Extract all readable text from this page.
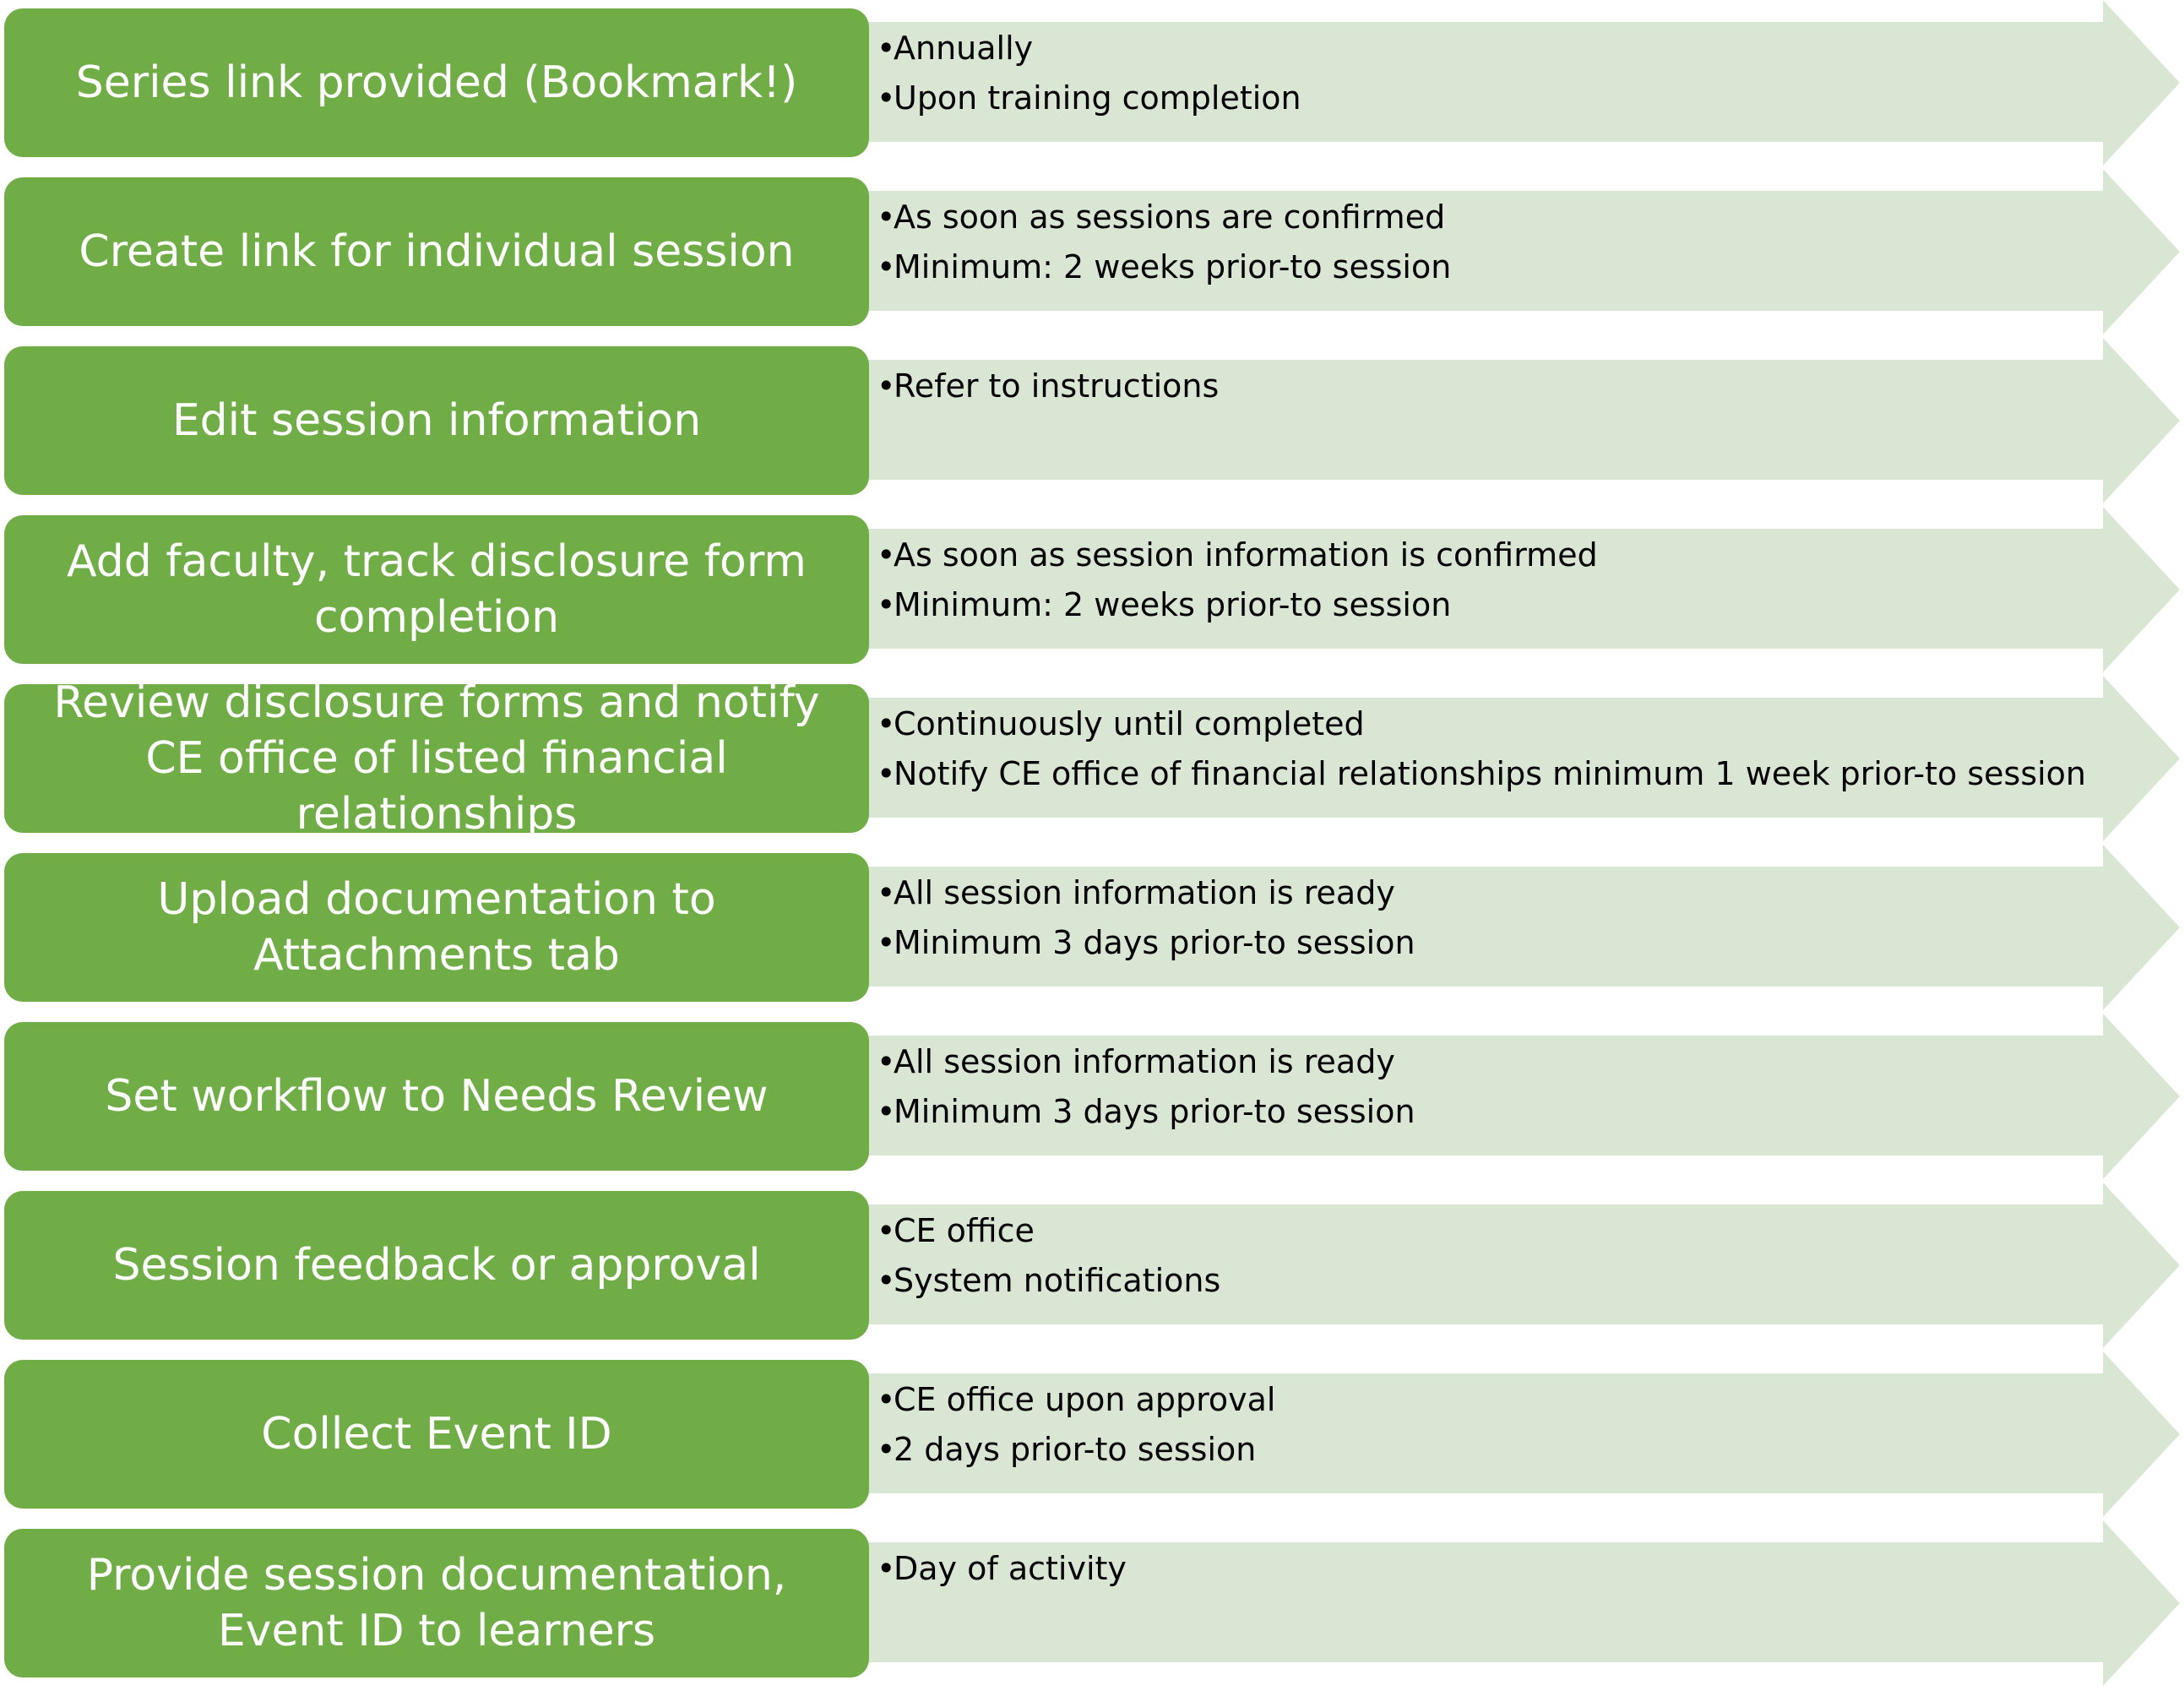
Series link provided (Bookmark!)
•Annually
•Upon training completion
Create link for individual session
•As soon as sessions are confirmed
•Minimum: 2 weeks prior-to session
Edit session information
•Refer to instructions
Add faculty, track disclosure form completion
•As soon as session information is confirmed
•Minimum: 2 weeks prior-to session
Review disclosure forms and notify CE office of listed financial relationships
•Continuously until completed
•Notify CE office of financial relationships minimum 1 week prior-to session
Upload documentation to Attachments tab
•All session information is ready
•Minimum 3 days prior-to session
Set workflow to Needs Review
•All session information is ready
•Minimum 3 days prior-to session
Session feedback or approval
•CE office
•System notifications
Collect Event ID
•CE office upon approval
•2 days prior-to session
Provide session documentation, Event ID to learners
•Day of activity
